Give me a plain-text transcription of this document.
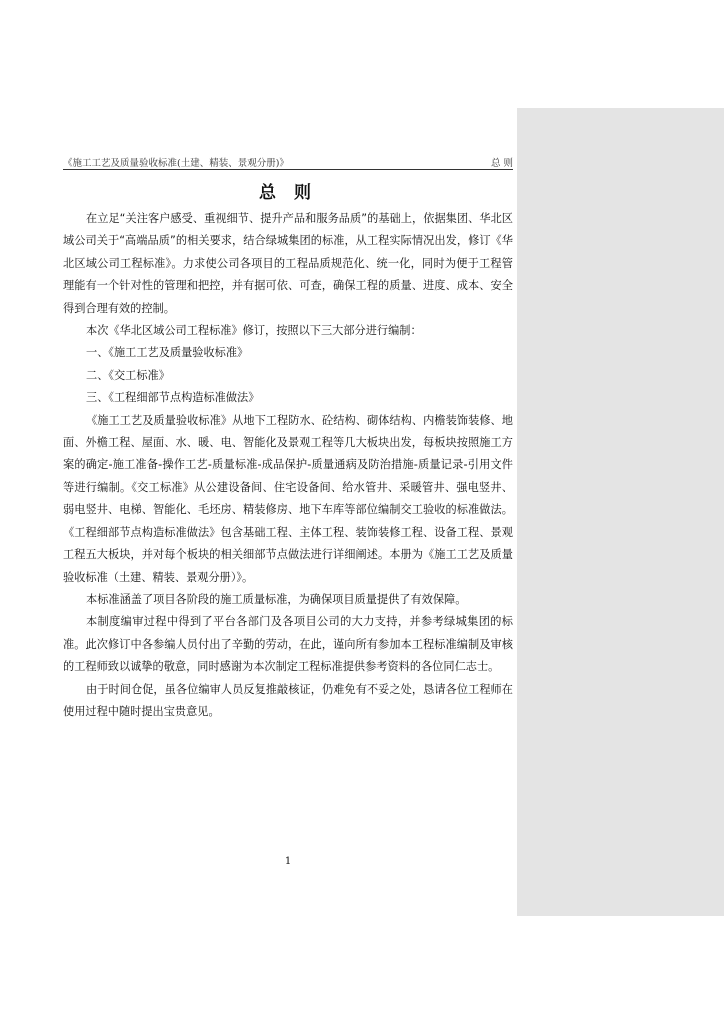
《施工工艺及质量验收标准(土建、精装、景观分册)》	总 则
总 则

在立足“关注客户感受、重视细节、提升产品和服务品质”的基础上，依据集团、华北区域公司关于“高端品质”的相关要求，结合绿城集团的标准，从工程实际情况出发，修订《华北区域公司工程标准》。力求使公司各项目的工程品质规范化、统一化，同时为便于工程管理能有一个针对性的管理和把控，并有据可依、可查，确保工程的质量、进度、成本、安全得到合理有效的控制。

本次《华北区域公司工程标准》修订，按照以下三大部分进行编制：

一、《施工工艺及质量验收标准》

二、《交工标准》

三、《工程细部节点构造标准做法》

《施工工艺及质量验收标准》从地下工程防水、砼结构、砌体结构、内檐装饰装修、地面、外檐工程、屋面、水、暖、电、智能化及景观工程等几大板块出发，每板块按照施工方案的确定-施工准备-操作工艺-质量标准-成品保护-质量通病及防治措施-质量记录-引用文件等进行编制。《交工标准》从公建设备间、住宅设备间、给水管井、采暖管井、强电竖井、弱电竖井、电梯、智能化、毛坯房、精装修房、地下车库等部位编制交工验收的标准做法。《工程细部节点构造标准做法》包含基础工程、主体工程、装饰装修工程、设备工程、景观工程五大板块，并对每个板块的相关细部节点做法进行详细阐述。本册为《施工工艺及质量验收标准（土建、精装、景观分册）》。

本标准涵盖了项目各阶段的施工质量标准，为确保项目质量提供了有效保障。

本制度编审过程中得到了平台各部门及各项目公司的大力支持，并参考绿城集团的标准。此次修订中各参编人员付出了辛勤的劳动，在此，谨向所有参加本工程标准编制及审核的工程师致以诚挚的敬意，同时感谢为本次制定工程标准提供参考资料的各位同仁志士。

由于时间仓促，虽各位编审人员反复推敲核证，仍难免有不妥之处，恳请各位工程师在使用过程中随时提出宝贵意见。

1
